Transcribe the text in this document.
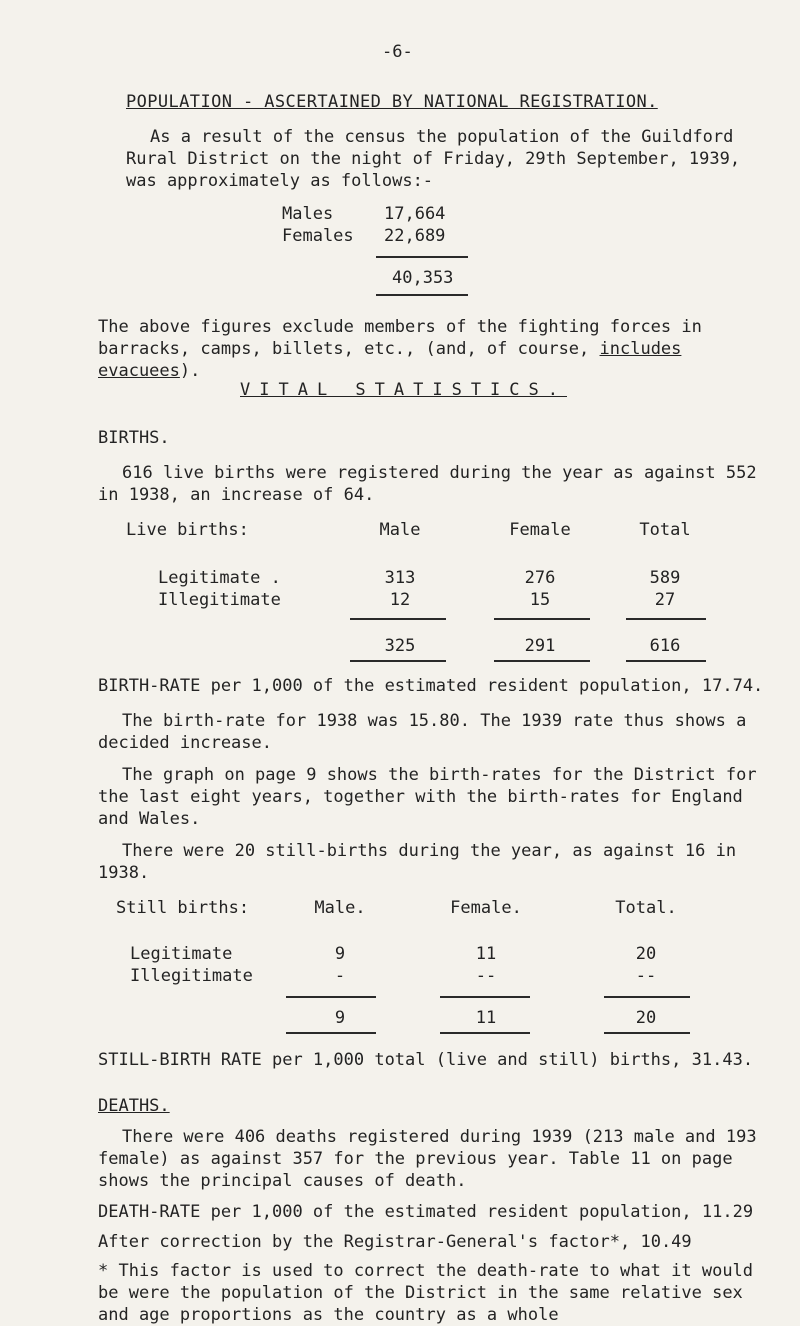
-6-
POPULATION - ASCERTAINED BY NATIONAL REGISTRATION.
As a result of the census the population of the Guildford Rural District on the night of Friday, 29th September, 1939, was approximately as follows:-
Males	17,664
Females 22,689
40,353
The above figures exclude members of the fighting forces in barracks, camps, billets, etc., (and, of course, includes evacuees).
VITAL STATISTICS.
BIRTHS.
616 live births were registered during the year as against 552 in 1938, an increase of 64.
Live births:	Male	Female	Total
Legitimate .	313	276	589
Illegitimate	12	15	27
325	291	616
BIRTH-RATE per 1,000 of the estimated resident population, 17.74.
The birth-rate for 1938 was 15.80. The 1939 rate thus shows a decided increase.
The graph on page 9 shows the birth-rates for the District for the last eight years, together with the birth-rates for England and Wales.
There were 20 still-births during the year, as against 16 in 1938.
Still births:	Male.	Female.	Total.
Legitimate	9	11	20
Illegitimate	-	--	--
9	11	20
STILL-BIRTH RATE per 1,000 total (live and still) births, 31.43.
DEATHS.
There were 406 deaths registered during 1939 (213 male and 193 female) as against 357 for the previous year. Table 11 on page shows the principal causes of death.
DEATH-RATE per 1,000 of the estimated resident population, 11.29
After correction by the Registrar-General's factor*, 10.49
* This factor is used to correct the death-rate to what it would be were the population of the District in the same relative sex and age proportions as the country as a whole
